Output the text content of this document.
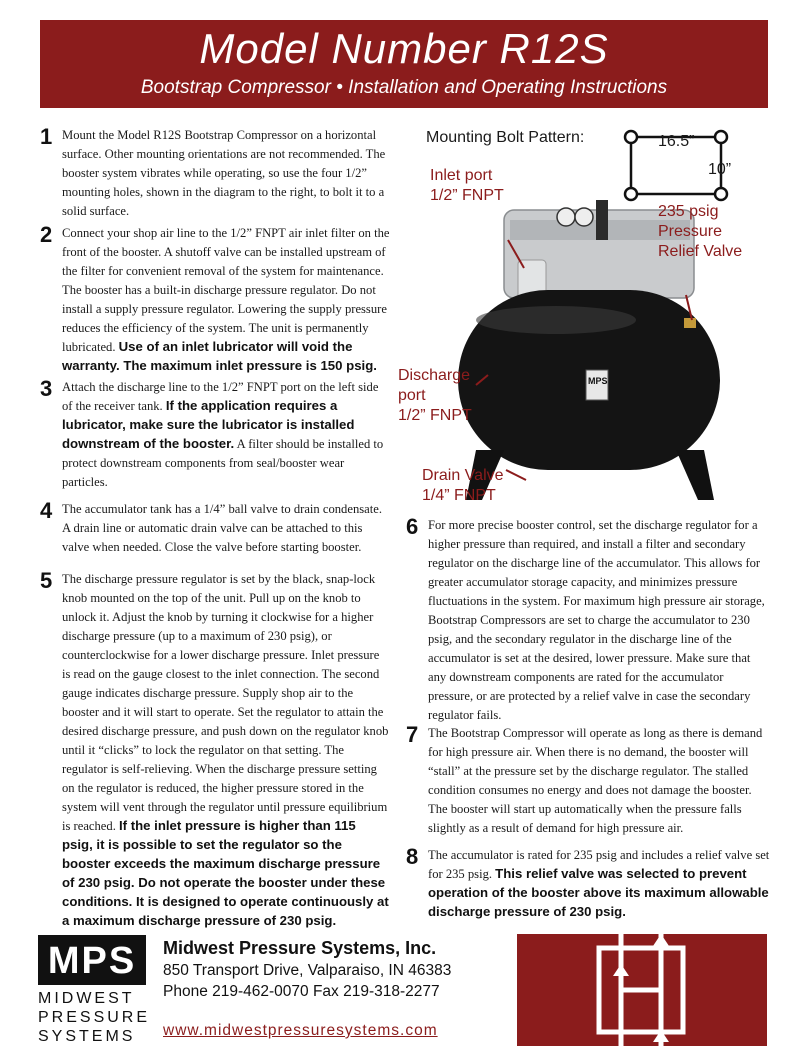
Model Number R12S
Bootstrap Compressor • Installation and Operating Instructions
1 Mount the Model R12S Bootstrap Compressor on a horizontal surface. Other mounting orientations are not recommended. The booster system vibrates while operating, so use the four 1/2” mounting holes, shown in the diagram to the right, to bolt it to a solid surface.
2 Connect your shop air line to the 1/2” FNPT air inlet filter on the front of the booster. A shutoff valve can be installed upstream of the filter for convenient removal of the system for maintenance. The booster has a built-in discharge pressure regulator. Do not install a supply pressure regulator. Lowering the supply pressure reduces the efficiency of the system. The unit is permanently lubricated. Use of an inlet lubricator will void the warranty. The maximum inlet pressure is 150 psig.
3 Attach the discharge line to the 1/2” FNPT port on the left side of the receiver tank. If the application requires a lubricator, make sure the lubricator is installed downstream of the booster. A filter should be installed to protect downstream components from seal/booster wear particles.
4 The accumulator tank has a 1/4” ball valve to drain condensate. A drain line or automatic drain valve can be attached to this valve when needed. Close the valve before starting booster.
5 The discharge pressure regulator is set by the black, snap-lock knob mounted on the top of the unit. Pull up on the knob to unlock it. Adjust the knob by turning it clockwise for a higher discharge pressure (up to a maximum of 230 psig), or counterclockwise for a lower discharge pressure. Inlet pressure is read on the gauge closest to the inlet connection. The second gauge indicates discharge pressure. Supply shop air to the booster and it will start to operate. Set the regulator to attain the desired discharge pressure, and push down on the regulator knob until it “clicks” to lock the regulator on that setting. The regulator is self-relieving. When the discharge pressure setting on the regulator is reduced, the higher pressure stored in the system will vent through the regulator until pressure equilibrium is reached. If the inlet pressure is higher than 115 psig, it is possible to set the regulator so the booster exceeds the maximum discharge pressure of 230 psig. Do not operate the booster under these conditions. It is designed to operate continuously at a maximum discharge pressure of 230 psig.
Mounting Bolt Pattern:	16.5”
10”
MPS
Inlet port
1/2” FNPT
235 psig
Pressure
Relief Valve
Discharge
port
1/2” FNPT
Drain Valve
1/4” FNPT
6 For more precise booster control, set the discharge regulator for a higher pressure than required, and install a filter and secondary regulator on the discharge line of the accumulator. This allows for greater accumulator storage capacity, and minimizes pressure fluctuations in the system. For maximum high pressure air storage, Bootstrap Compressors are set to charge the accumulator to 230 psig, and the secondary regulator in the discharge line of the accumulator is set at the desired, lower pressure. Make sure that any downstream components are rated for the accumulator pressure, or are protected by a relief valve in case the secondary regulator fails.
7 The Bootstrap Compressor will operate as long as there is demand for high pressure air. When there is no demand, the booster will “stall” at the pressure set by the discharge regulator. The stalled condition consumes no energy and does not damage the booster. The booster will start up automatically when the pressure falls slightly as a result of demand for high pressure air.
8 The accumulator is rated for 235 psig and includes a relief valve set for 235 psig. This relief valve was selected to prevent operation of the booster above its maximum allowable discharge pressure of 230 psig.
MPS
MIDWEST
PRESSURE
SYSTEMS
Midwest Pressure Systems, Inc.
850 Transport Drive, Valparaiso, IN 46383
Phone 219-462-0070 Fax 219-318-2277
www.midwestpressuresystems.com
